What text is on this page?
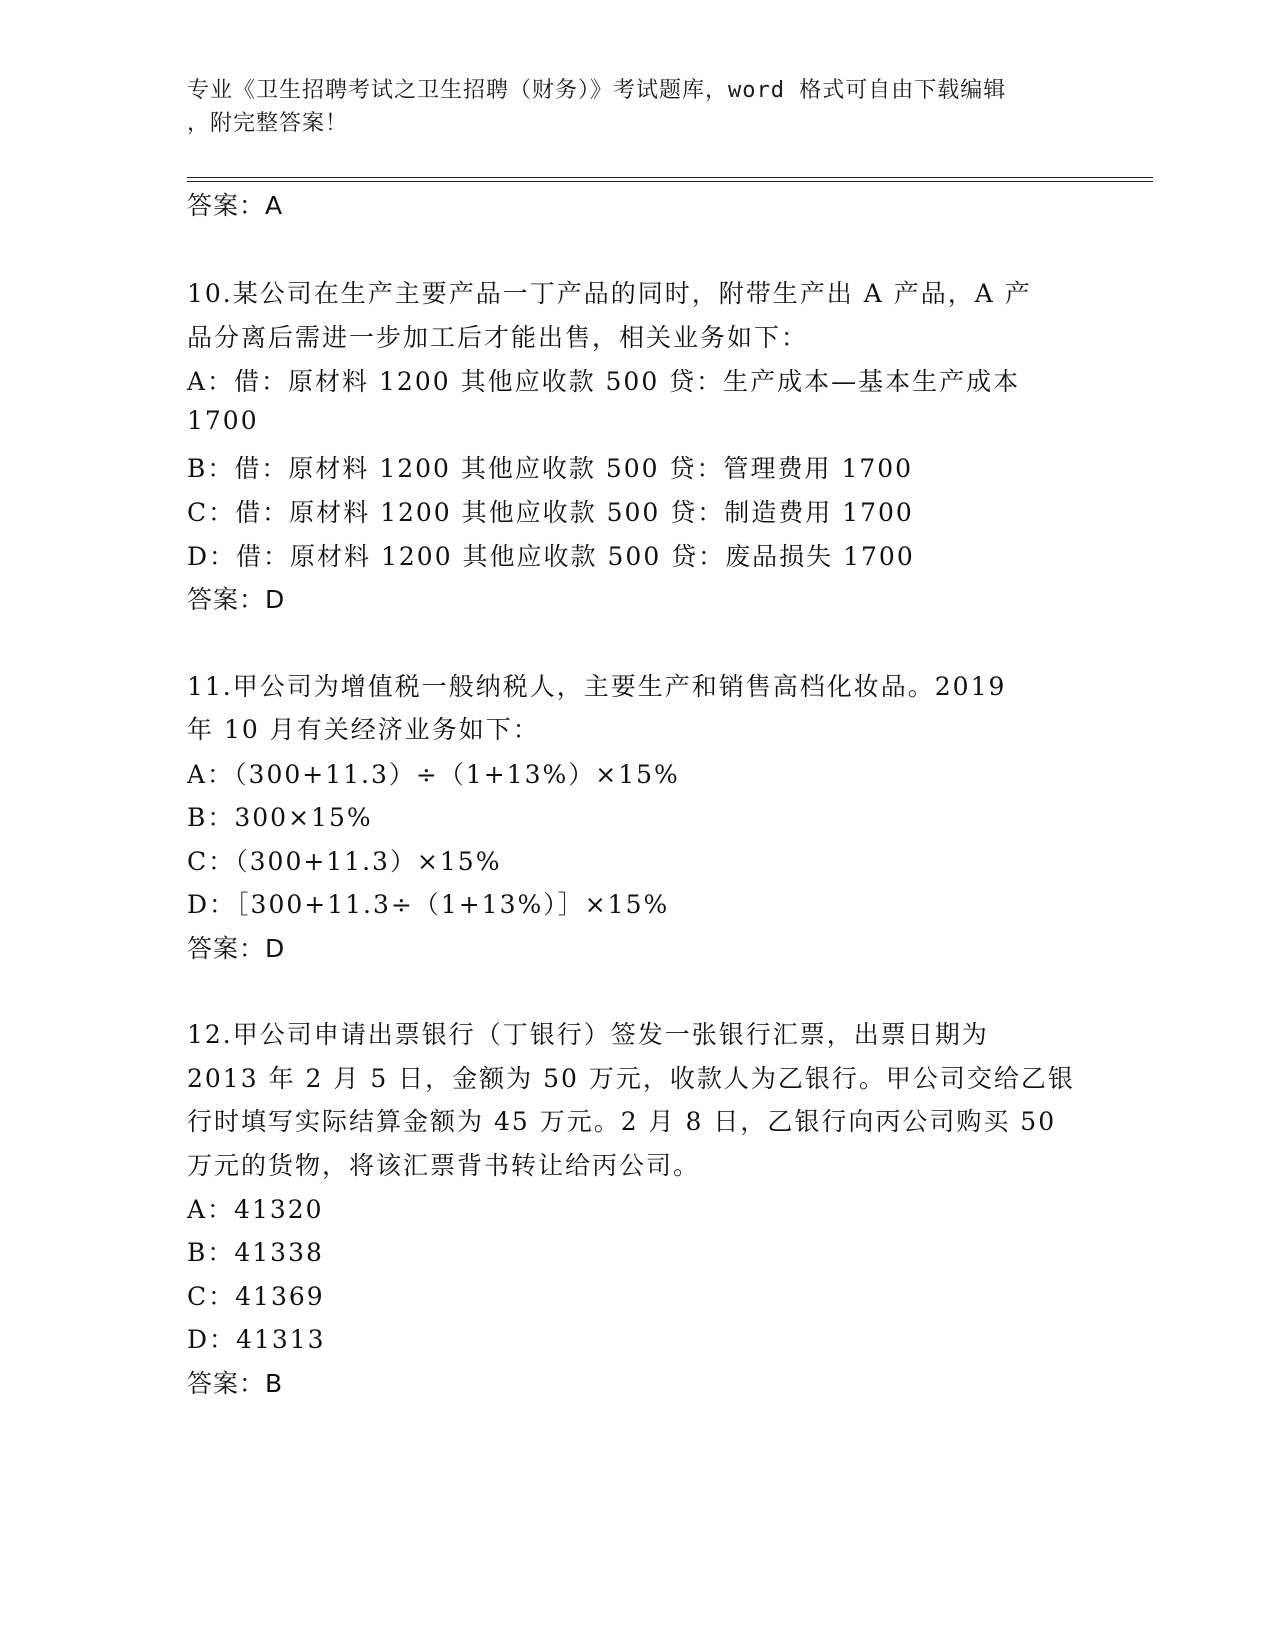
专业《卫生招聘考试之卫生招聘（财务）》考试题库，word 格式可自由下载编辑
，附完整答案！
答案：A
10.某公司在生产主要产品一丁产品的同时，附带生产出 A 产品，A 产
品分离后需进一步加工后才能出售，相关业务如下：
A：借：原材料 1200 其他应收款 500 贷：生产成本—基本生产成本
1700
B：借：原材料 1200 其他应收款 500 贷：管理费用 1700
C：借：原材料 1200 其他应收款 500 贷：制造费用 1700
D：借：原材料 1200 其他应收款 500 贷：废品损失 1700
答案：D
11.甲公司为增值税一般纳税人，主要生产和销售高档化妆品。2019
年 10 月有关经济业务如下：
A：（300+11.3）÷（1+13%）×15%
B：300×15%
C：（300+11.3）×15%
D：［300+11.3÷（1+13%）］×15%
答案：D
12.甲公司申请出票银行（丁银行）签发一张银行汇票，出票日期为
2013 年 2 月 5 日，金额为 50 万元，收款人为乙银行。甲公司交给乙银
行时填写实际结算金额为 45 万元。2 月 8 日，乙银行向丙公司购买 50
万元的货物，将该汇票背书转让给丙公司。
A：41320
B：41338
C：41369
D：41313
答案：B
